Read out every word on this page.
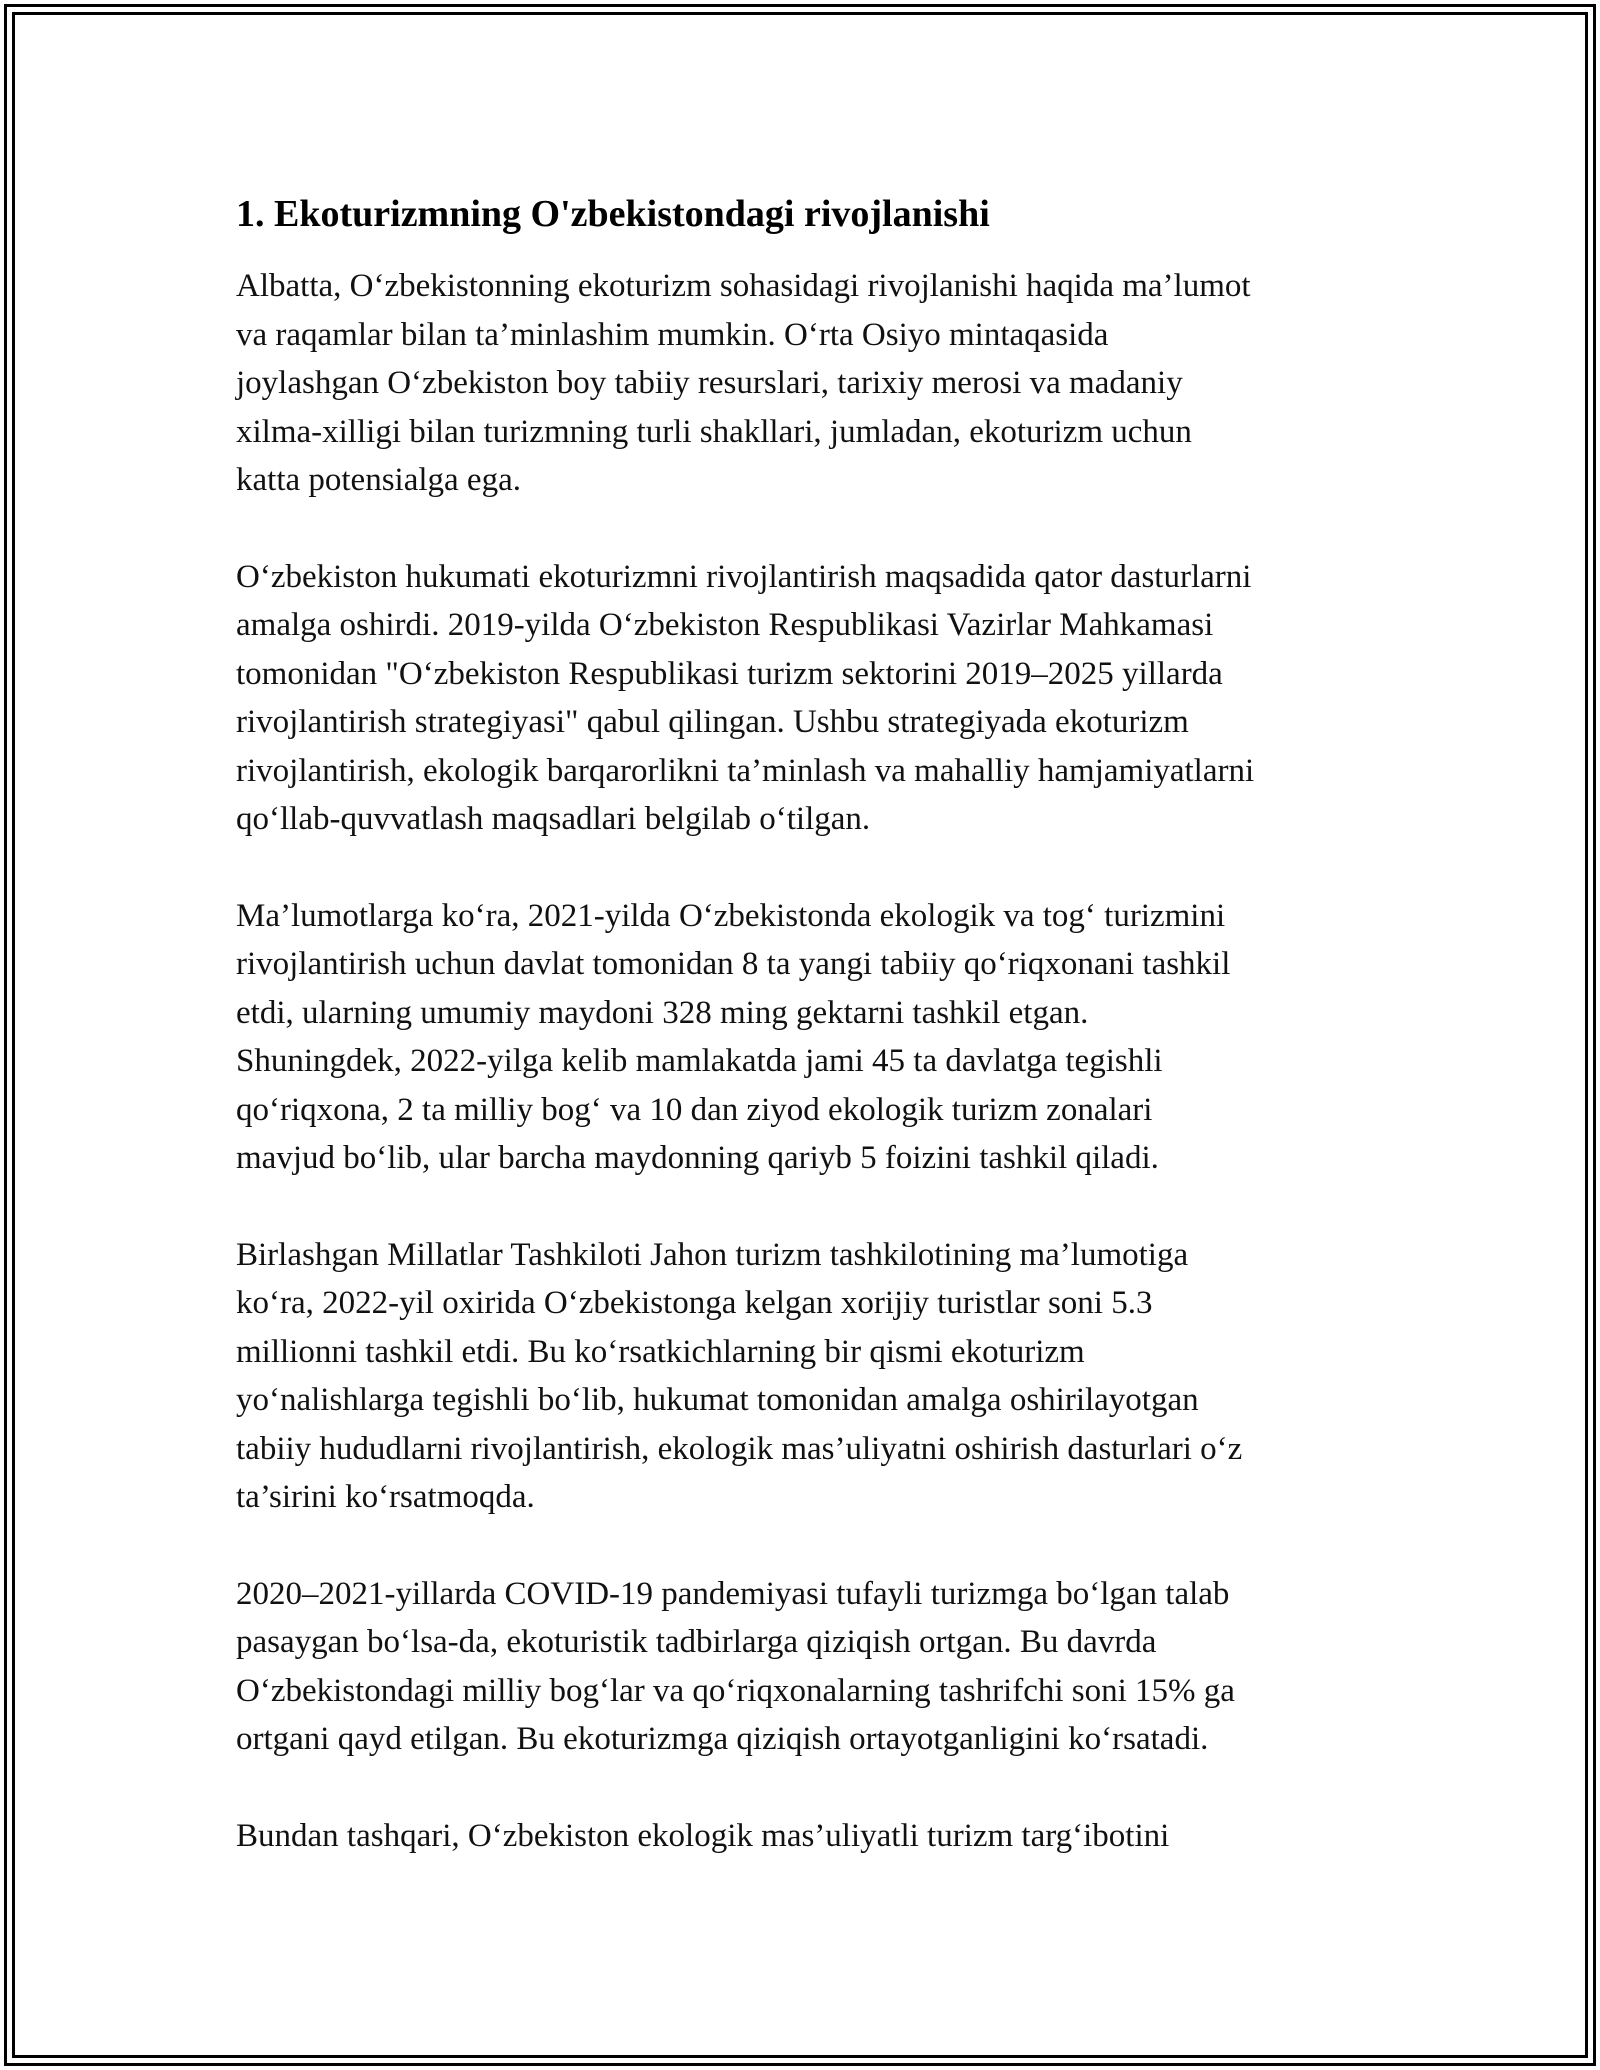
1. Ekoturizmning O'zbekistondagi rivojlanishi

Albatta, O‘zbekistonning ekoturizm sohasidagi rivojlanishi haqida ma’lumot
va raqamlar bilan ta’minlashim mumkin. O‘rta Osiyo mintaqasida
joylashgan O‘zbekiston boy tabiiy resurslari, tarixiy merosi va madaniy
xilma-xilligi bilan turizmning turli shakllari, jumladan, ekoturizm uchun
katta potensialga ega.

O‘zbekiston hukumati ekoturizmni rivojlantirish maqsadida qator dasturlarni
amalga oshirdi. 2019-yilda O‘zbekiston Respublikasi Vazirlar Mahkamasi
tomonidan "O‘zbekiston Respublikasi turizm sektorini 2019–2025 yillarda
rivojlantirish strategiyasi" qabul qilingan. Ushbu strategiyada ekoturizm
rivojlantirish, ekologik barqarorlikni ta’minlash va mahalliy hamjamiyatlarni
qo‘llab-quvvatlash maqsadlari belgilab o‘tilgan.

Ma’lumotlarga ko‘ra, 2021-yilda O‘zbekistonda ekologik va tog‘ turizmini
rivojlantirish uchun davlat tomonidan 8 ta yangi tabiiy qo‘riqxonani tashkil
etdi, ularning umumiy maydoni 328 ming gektarni tashkil etgan.
Shuningdek, 2022-yilga kelib mamlakatda jami 45 ta davlatga tegishli
qo‘riqxona, 2 ta milliy bog‘ va 10 dan ziyod ekologik turizm zonalari
mavjud bo‘lib, ular barcha maydonning qariyb 5 foizini tashkil qiladi.

Birlashgan Millatlar Tashkiloti Jahon turizm tashkilotining ma’lumotiga
ko‘ra, 2022-yil oxirida O‘zbekistonga kelgan xorijiy turistlar soni 5.3
millionni tashkil etdi. Bu ko‘rsatkichlarning bir qismi ekoturizm
yo‘nalishlarga tegishli bo‘lib, hukumat tomonidan amalga oshirilayotgan
tabiiy hududlarni rivojlantirish, ekologik mas’uliyatni oshirish dasturlari o‘z
ta’sirini ko‘rsatmoqda.

2020–2021-yillarda COVID-19 pandemiyasi tufayli turizmga bo‘lgan talab
pasaygan bo‘lsa-da, ekoturistik tadbirlarga qiziqish ortgan. Bu davrda
O‘zbekistondagi milliy bog‘lar va qo‘riqxonalarning tashrifchi soni 15% ga
ortgani qayd etilgan. Bu ekoturizmga qiziqish ortayotganligini ko‘rsatadi.

Bundan tashqari, O‘zbekiston ekologik mas’uliyatli turizm targ‘ibotini
